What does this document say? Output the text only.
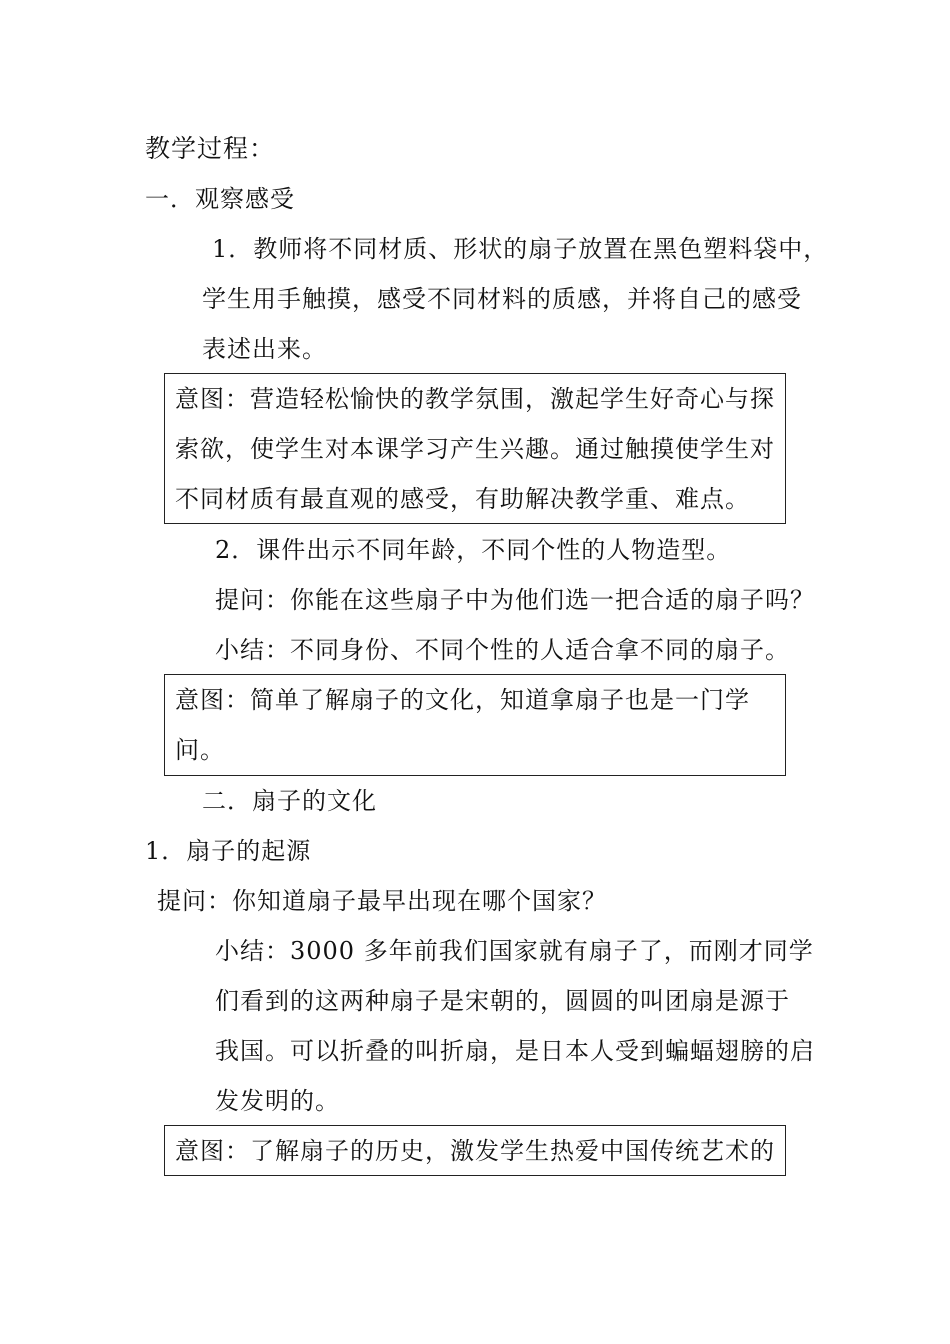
教学过程：
一．观察感受
1．教师将不同材质、形状的扇子放置在黑色塑料袋中，
学生用手触摸，感受不同材料的质感，并将自己的感受
表述出来。
意图：营造轻松愉快的教学氛围，激起学生好奇心与探
索欲，使学生对本课学习产生兴趣。通过触摸使学生对
不同材质有最直观的感受，有助解决教学重、难点。
2．课件出示不同年龄，不同个性的人物造型。
提问：你能在这些扇子中为他们选一把合适的扇子吗？
小结：不同身份、不同个性的人适合拿不同的扇子。
意图：简单了解扇子的文化，知道拿扇子也是一门学
问。
二．扇子的文化
1．扇子的起源
提问：你知道扇子最早出现在哪个国家？
小结：3000 多年前我们国家就有扇子了，而刚才同学
们看到的这两种扇子是宋朝的，圆圆的叫团扇是源于
我国。可以折叠的叫折扇，是日本人受到蝙蝠翅膀的启
发发明的。
意图：了解扇子的历史，激发学生热爱中国传统艺术的
